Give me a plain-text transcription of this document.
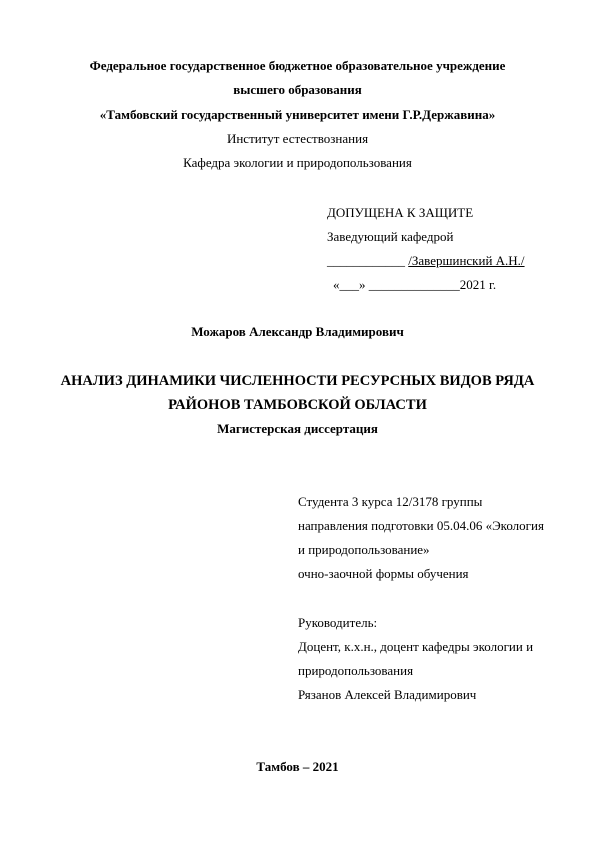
Федеральное государственное бюджетное образовательное учреждение
высшего образования
«Тамбовский государственный университет имени Г.Р.Державина»
Институт естествознания
Кафедра экологии и природопользования
ДОПУЩЕНА К ЗАЩИТЕ
Заведующий кафедрой
____________ /Завершинский А.Н./
«___» ______________2021 г.
Можаров Александр Владимирович
АНАЛИЗ ДИНАМИКИ ЧИСЛЕННОСТИ РЕСУРСНЫХ ВИДОВ РЯДА
РАЙОНОВ ТАМБОВСКОЙ ОБЛАСТИ
Магистерская диссертация
Студента 3 курса 12/3178 группы
направления подготовки 05.04.06 «Экология
и природопользование»
очно-заочной формы обучения
Руководитель:
Доцент, к.х.н., доцент кафедры экологии и
природопользования
Рязанов Алексей Владимирович
Тамбов – 2021
